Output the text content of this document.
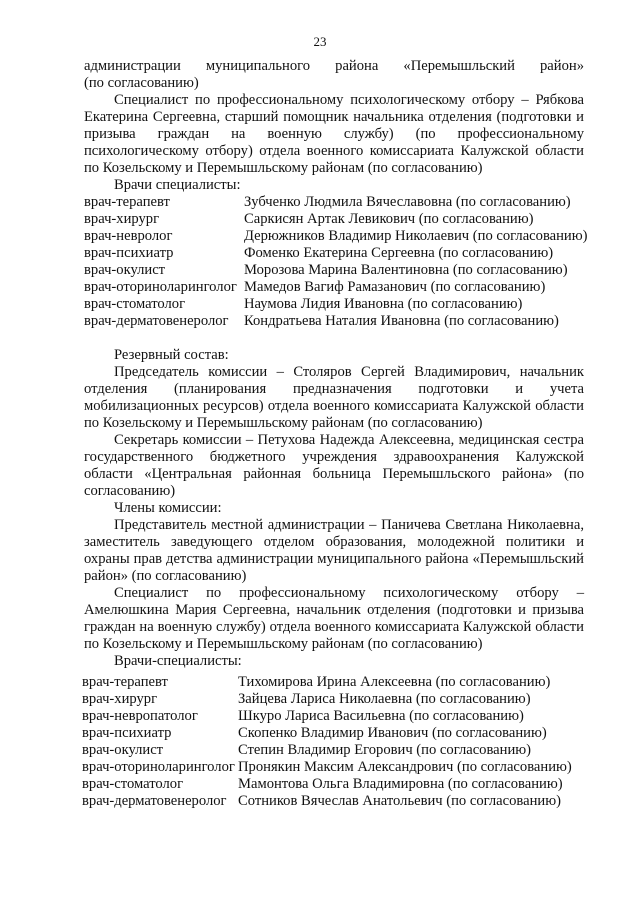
23

администрации муниципального района «Перемышльский район»

(по согласованию)

Специалист по профессиональному психологическому отбору – Рябкова Екатерина Сергеевна, старший помощник начальника отделения (подготовки и призыва граждан на военную службу) (по профессиональному психологическому отбору) отдела военного комиссариата Калужской области по Козельскому и Перемышльскому районам (по согласованию)

Врачи специалисты:

врач-терапевт	Зубченко Людмила Вячеславовна (по согласованию)
врач-хирург	Саркисян Артак Левикович (по согласованию)
врач-невролог	Дерюжников Владимир Николаевич (по согласованию)
врач-психиатр	Фоменко Екатерина Сергеевна (по согласованию)
врач-окулист	Морозова Марина Валентиновна (по согласованию)
врач-оториноларинголог Мамедов Вагиф Рамазанович (по согласованию)
врач-стоматолог	Наумова Лидия Ивановна (по согласованию)
врач-дерматовенеролог	Кондратьева Наталия Ивановна (по согласованию)

Резервный состав:

Председатель комиссии – Столяров Сергей Владимирович, начальник отделения (планирования предназначения подготовки и учета мобилизационных ресурсов) отдела военного комиссариата Калужской области по Козельскому и Перемышльскому районам (по согласованию)

Секретарь комиссии – Петухова Надежда Алексеевна, медицинская сестра государственного бюджетного учреждения здравоохранения Калужской области «Центральная районная больница Перемышльского района» (по согласованию)

Члены комиссии:

Представитель местной администрации – Паничева Светлана Николаевна, заместитель заведующего отделом образования, молодежной политики и охраны прав детства администрации муниципального района «Перемышльский район» (по согласованию)

Специалист по профессиональному психологическому отбору – Амелюшкина Мария Сергеевна, начальник отделения (подготовки и призыва граждан на военную службу) отдела военного комиссариата Калужской области по Козельскому и Перемышльскому районам (по согласованию)

Врачи-специалисты:

врач-терапевт	Тихомирова Ирина Алексеевна (по согласованию)
врач-хирург	Зайцева Лариса Николаевна (по согласованию)
врач-невропатолог	Шкуро Лариса Васильевна (по согласованию)
врач-психиатр	Скопенко Владимир Иванович (по согласованию)
врач-окулист	Степин Владимир Егорович (по согласованию)
врач-оториноларинголог Пронякин Максим Александрович (по согласованию)
врач-стоматолог	Мамонтова Ольга Владимировна (по согласованию)
врач-дерматовенеролог Сотников Вячеслав Анатольевич (по согласованию)
